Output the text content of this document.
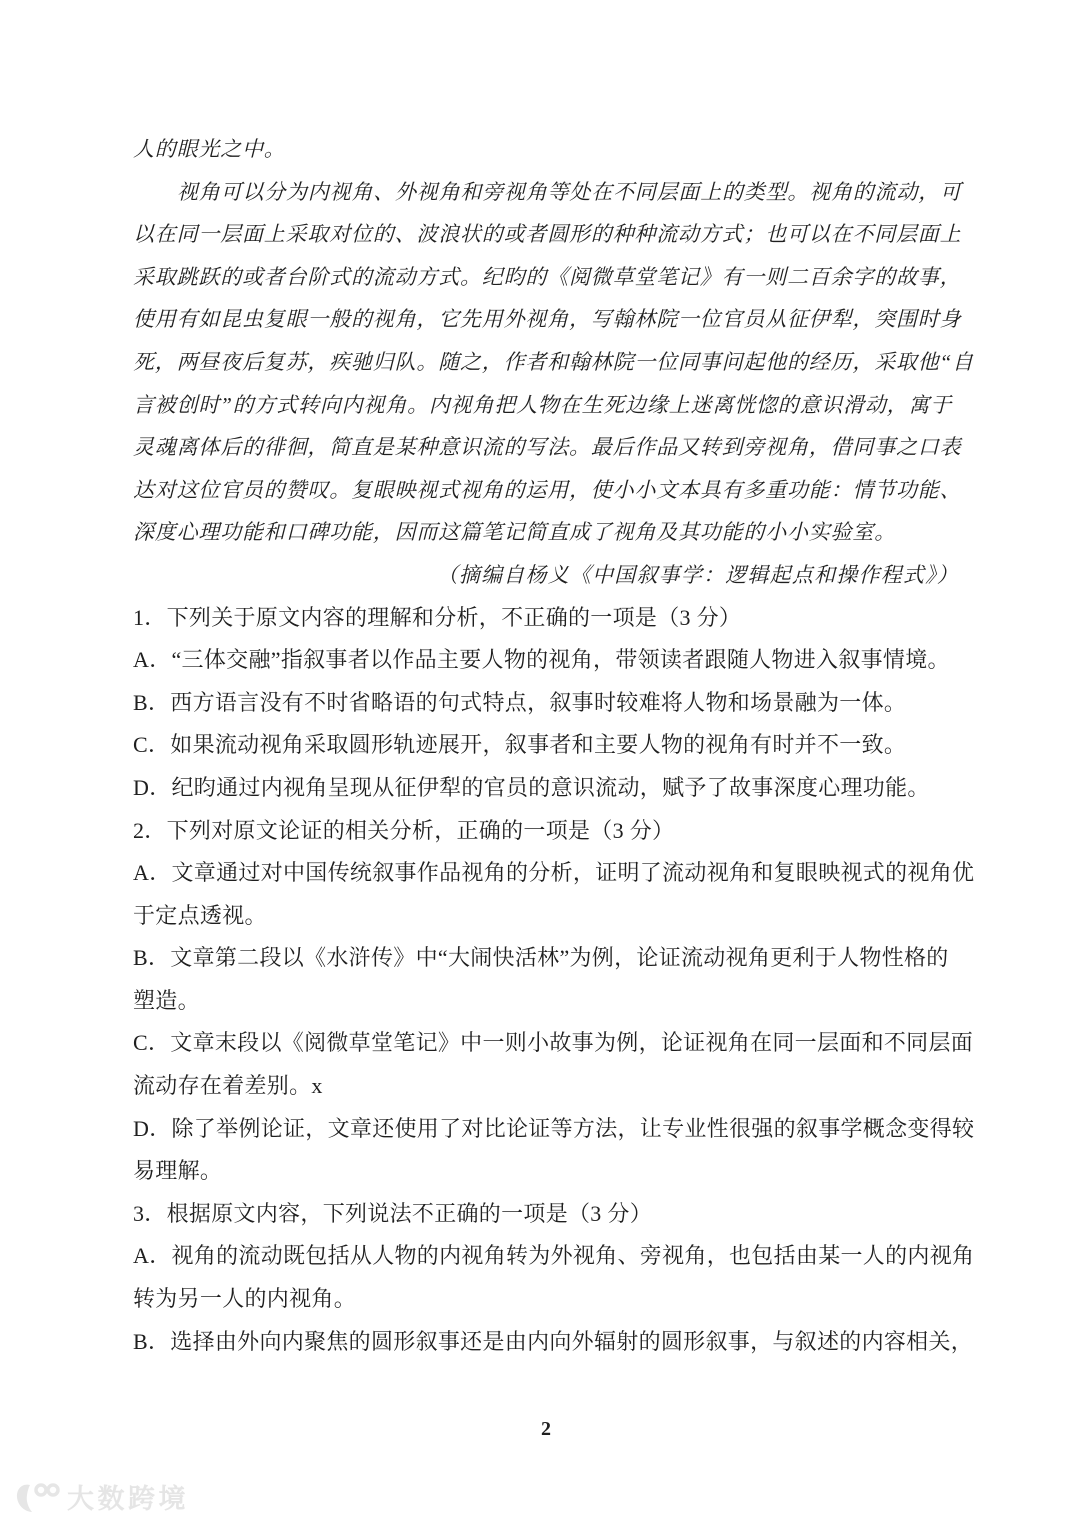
人的眼光之中。

视角可以分为内视角、外视角和旁视角等处在不同层面上的类型。视角的流动，可

以在同一层面上采取对位的、波浪状的或者圆形的种种流动方式；也可以在不同层面上

采取跳跃的或者台阶式的流动方式。纪昀的《阅微草堂笔记》有一则二百余字的故事，

使用有如昆虫复眼一般的视角，它先用外视角，写翰林院一位官员从征伊犁，突围时身

死，两昼夜后复苏，疾驰归队。随之，作者和翰林院一位同事问起他的经历，采取他“自

言被创时”的方式转向内视角。内视角把人物在生死边缘上迷离恍惚的意识滑动，寓于

灵魂离体后的徘徊，简直是某种意识流的写法。最后作品又转到旁视角，借同事之口表

达对这位官员的赞叹。复眼映视式视角的运用，使小小文本具有多重功能：情节功能、

深度心理功能和口碑功能，因而这篇笔记简直成了视角及其功能的小小实验室。

（摘编自杨义《中国叙事学：逻辑起点和操作程式》）

1．下列关于原文内容的理解和分析，不正确的一项是（3 分）

A．“三体交融”指叙事者以作品主要人物的视角，带领读者跟随人物进入叙事情境。

B．西方语言没有不时省略语的句式特点，叙事时较难将人物和场景融为一体。

C．如果流动视角采取圆形轨迹展开，叙事者和主要人物的视角有时并不一致。

D．纪昀通过内视角呈现从征伊犁的官员的意识流动，赋予了故事深度心理功能。

2．下列对原文论证的相关分析，正确的一项是（3 分）

A．文章通过对中国传统叙事作品视角的分析，证明了流动视角和复眼映视式的视角优

于定点透视。

B．文章第二段以《水浒传》中“大闹快活林”为例，论证流动视角更利于人物性格的

塑造。

C．文章末段以《阅微草堂笔记》中一则小故事为例，论证视角在同一层面和不同层面

流动存在着差别。x

D．除了举例论证，文章还使用了对比论证等方法，让专业性很强的叙事学概念变得较

易理解。

3．根据原文内容，下列说法不正确的一项是（3 分）

A．视角的流动既包括从人物的内视角转为外视角、旁视角，也包括由某一人的内视角

转为另一人的内视角。

B．选择由外向内聚焦的圆形叙事还是由内向外辐射的圆形叙事，与叙述的内容相关，

2

大数跨境
